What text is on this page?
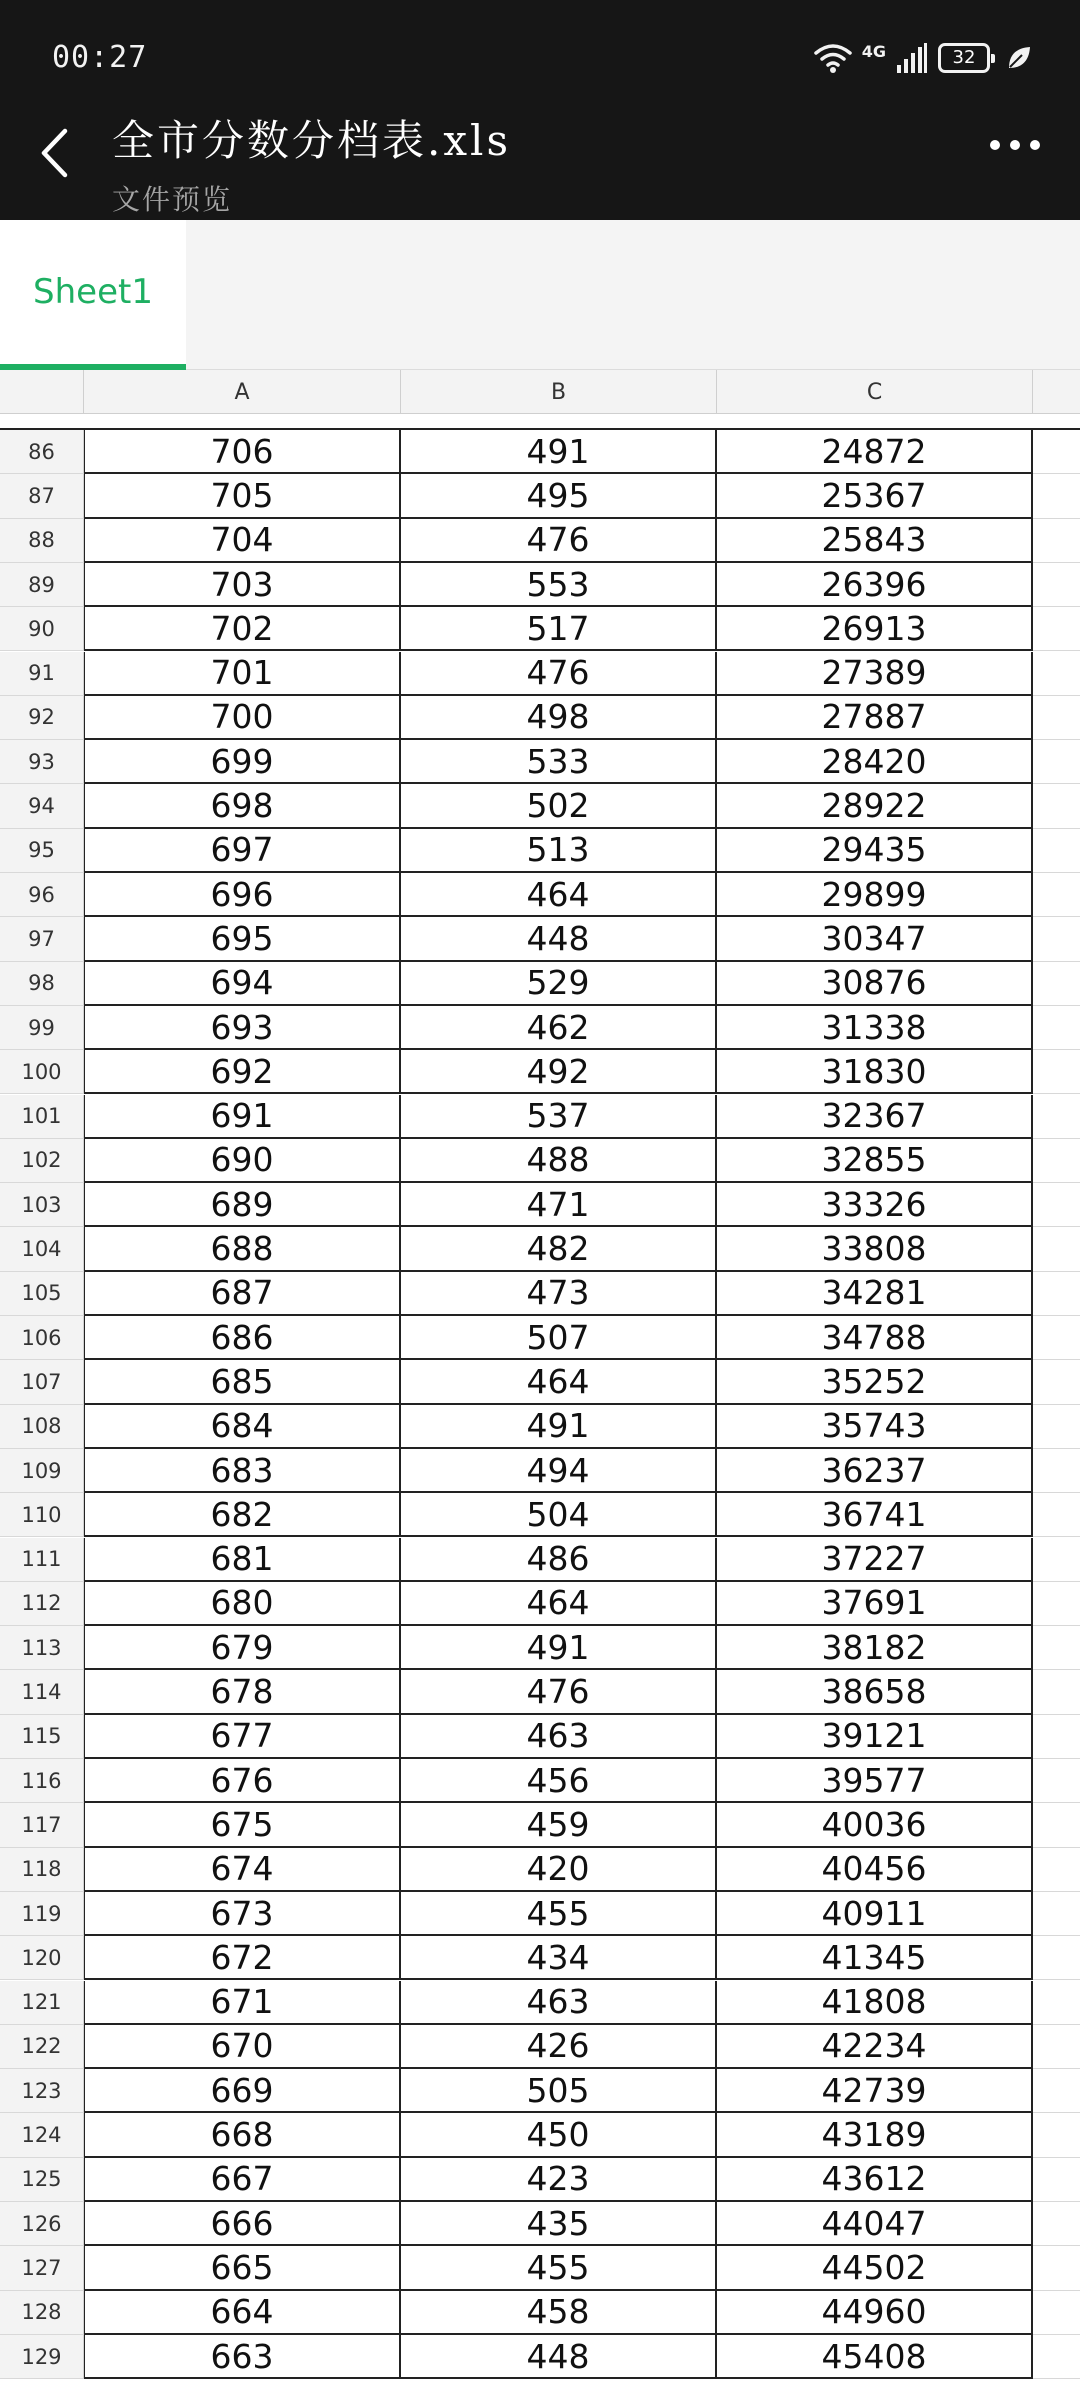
00:27	4G	32
全市分数分档表.xls
文件预览
Sheet1
A	B	C
86	706	491	24872
87	705	495	25367
88	704	476	25843
89	703	553	26396
90	702	517	26913
91	701	476	27389
92	700	498	27887
93	699	533	28420
94	698	502	28922
95	697	513	29435
96	696	464	29899
97	695	448	30347
98	694	529	30876
99	693	462	31338
100	692	492	31830
101	691	537	32367
102	690	488	32855
103	689	471	33326
104	688	482	33808
105	687	473	34281
106	686	507	34788
107	685	464	35252
108	684	491	35743
109	683	494	36237
110	682	504	36741
111	681	486	37227
112	680	464	37691
113	679	491	38182
114	678	476	38658
115	677	463	39121
116	676	456	39577
117	675	459	40036
118	674	420	40456
119	673	455	40911
120	672	434	41345
121	671	463	41808
122	670	426	42234
123	669	505	42739
124	668	450	43189
125	667	423	43612
126	666	435	44047
127	665	455	44502
128	664	458	44960
129	663	448	45408
